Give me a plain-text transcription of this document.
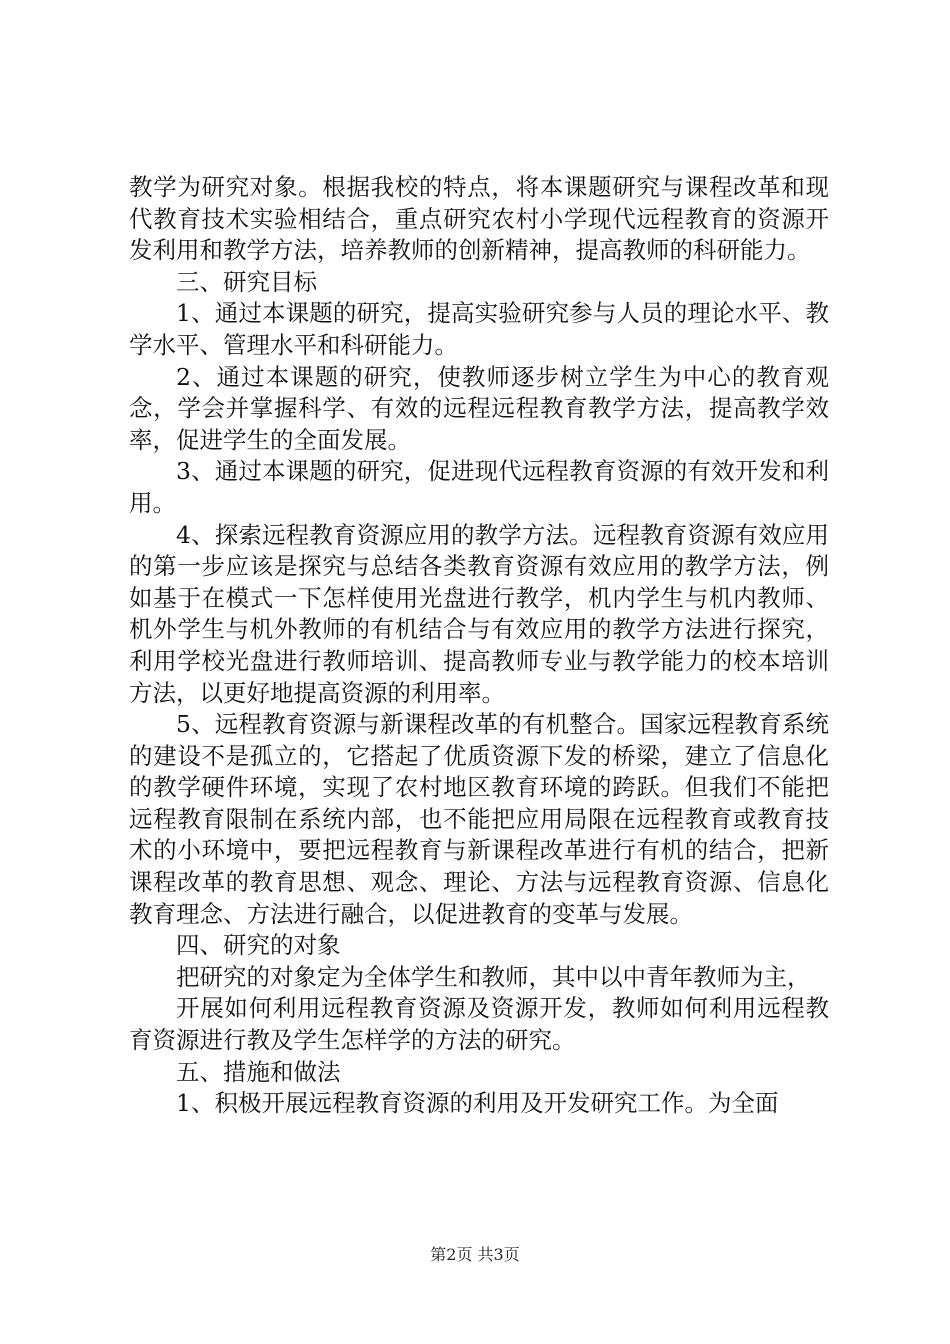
教学为研究对象。根据我校的特点，将本课题研究与课程改革和现代教育技术实验相结合，重点研究农村小学现代远程教育的资源开发利用和教学方法，培养教师的创新精神，提高教师的科研能力。

三、研究目标

1、通过本课题的研究，提高实验研究参与人员的理论水平、教学水平、管理水平和科研能力。

2、通过本课题的研究，使教师逐步树立学生为中心的教育观念，学会并掌握科学、有效的远程远程教育教学方法，提高教学效率，促进学生的全面发展。

3、通过本课题的研究，促进现代远程教育资源的有效开发和利用。

4、探索远程教育资源应用的教学方法。远程教育资源有效应用的第一步应该是探究与总结各类教育资源有效应用的教学方法，例如基于在模式一下怎样使用光盘进行教学，机内学生与机内教师、机外学生与机外教师的有机结合与有效应用的教学方法进行探究，利用学校光盘进行教师培训、提高教师专业与教学能力的校本培训方法，以更好地提高资源的利用率。

5、远程教育资源与新课程改革的有机整合。国家远程教育系统的建设不是孤立的，它搭起了优质资源下发的桥梁，建立了信息化的教学硬件环境，实现了农村地区教育环境的跨跃。但我们不能把远程教育限制在系统内部，也不能把应用局限在远程教育或教育技术的小环境中，要把远程教育与新课程改革进行有机的结合，把新课程改革的教育思想、观念、理论、方法与远程教育资源、信息化教育理念、方法进行融合，以促进教育的变革与发展。

四、研究的对象

把研究的对象定为全体学生和教师，其中以中青年教师为主，

开展如何利用远程教育资源及资源开发，教师如何利用远程教育资源进行教及学生怎样学的方法的研究。

五、措施和做法

1、积极开展远程教育资源的利用及开发研究工作。为全面

第2页 共3页
